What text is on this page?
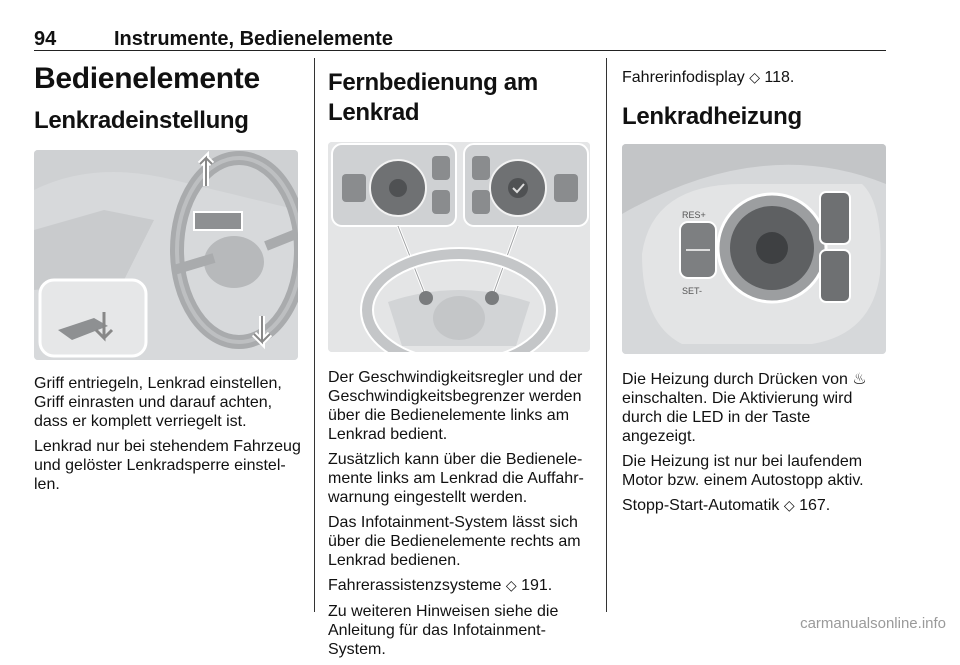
94	Instrumente, Bedienelemente
Bedienelemente
Lenkradeinstellung

Griff entriegeln, Lenkrad einstellen, Griff einrasten und darauf achten, dass er komplett verriegelt ist.

Lenkrad nur bei stehendem Fahrzeug und gelöster Lenkradsperre einstel- len.

Fernbedienung am Lenkrad

Der Geschwindigkeitsregler und der Geschwindigkeitsbegrenzer werden über die Bedienelemente links am Lenkrad bedient.

Zusätzlich kann über die Bedienele- mente links am Lenkrad die Auffahr- warnung eingestellt werden.

Das Infotainment-System lässt sich über die Bedienelemente rechts am Lenkrad bedienen.

Fahrerassistenzsysteme ◇ 191.

Zu weiteren Hinweisen siehe die Anleitung für das Infotainment- System.

Fahrerinfodisplay ◇ 118.

Lenkradheizung
RES+
SET-

Die Heizung durch Drücken von ♨ einschalten. Die Aktivierung wird durch die LED in der Taste angezeigt.

Die Heizung ist nur bei laufendem Motor bzw. einem Autostopp aktiv.

Stopp-Start-Automatik ◇ 167.

carmanualsonline.info
